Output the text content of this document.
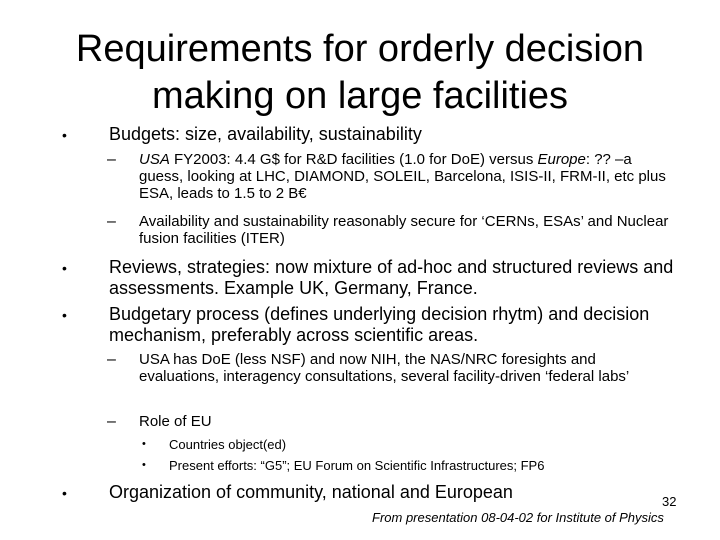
Requirements for orderly decision
making on large facilities
• Budgets: size, availability, sustainability
– USA FY2003: 4.4 G$ for R&D facilities (1.0 for DoE) versus Europe: ?? –a guess, looking at LHC, DIAMOND, SOLEIL, Barcelona, ISIS-II, FRM-II, etc plus ESA, leads to 1.5 to 2 B€
– Availability and sustainability reasonably secure for ‘CERNs, ESAs’ and Nuclear fusion facilities (ITER)
• Reviews, strategies: now mixture of ad-hoc and structured reviews and assessments. Example UK, Germany, France.
• Budgetary process (defines underlying decision rhytm) and decision mechanism, preferably across scientific areas.
– USA has DoE (less NSF) and now NIH, the NAS/NRC foresights and evaluations, interagency consultations, several facility-driven ‘federal labs’
– Role of EU
• Countries object(ed)
• Present efforts: “G5”; EU Forum on Scientific Infrastructures; FP6
• Organization of community, national and European	32
From presentation 08-04-02 for Institute of Physics
